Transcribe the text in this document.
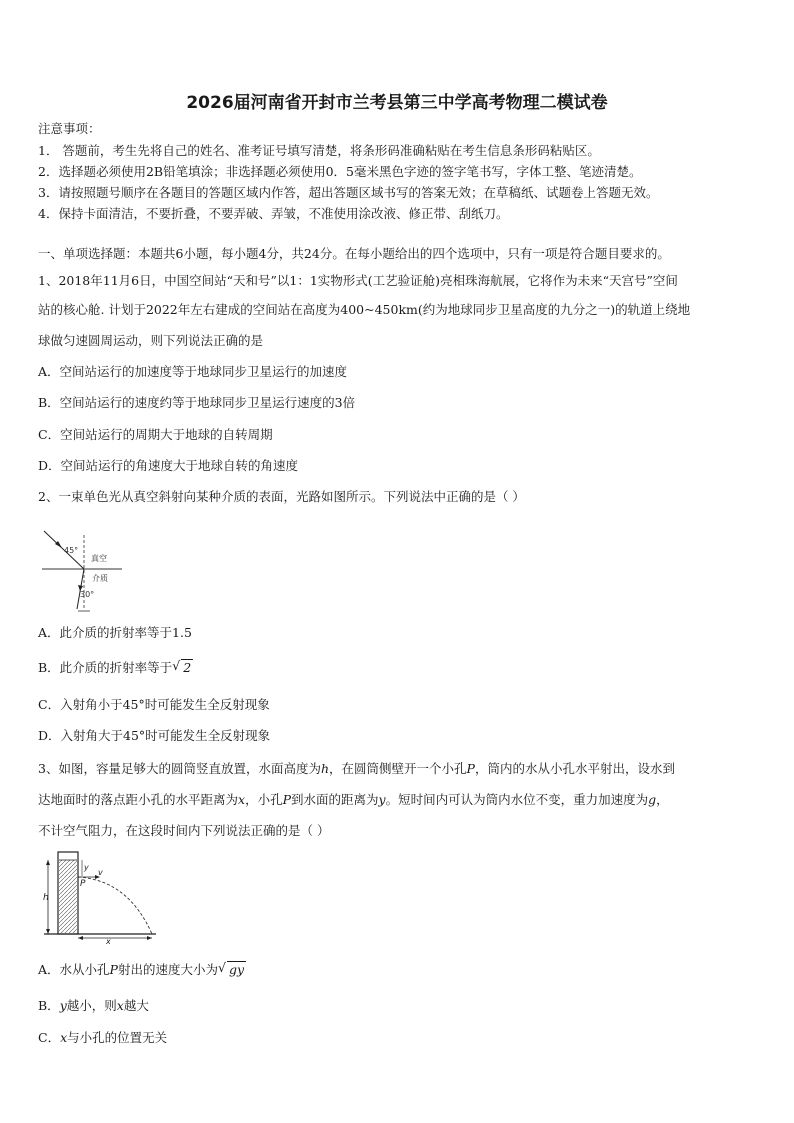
2026届河南省开封市兰考县第三中学高考物理二模试卷
注意事项：
1． 答题前，考生先将自己的姓名、准考证号填写清楚，将条形码准确粘贴在考生信息条形码粘贴区。
2．选择题必须使用2B铅笔填涂；非选择题必须使用0．5毫米黑色字迹的签字笔书写，字体工整、笔迹清楚。
3．请按照题号顺序在各题目的答题区域内作答，超出答题区域书写的答案无效；在草稿纸、试题卷上答题无效。
4．保持卡面清洁，不要折叠，不要弄破、弄皱，不准使用涂改液、修正带、刮纸刀。
一、单项选择题：本题共6小题，每小题4分，共24分。在每小题给出的四个选项中，只有一项是符合题目要求的。
1、2018年11月6日，中国空间站“天和号”以1：1实物形式(工艺验证舱)亮相珠海航展，它将作为未来“天宫号”空间
站的核心舱. 计划于2022年左右建成的空间站在高度为400~450km(约为地球同步卫星高度的九分之一)的轨道上绕地
球做匀速圆周运动，则下列说法正确的是
A．空间站运行的加速度等于地球同步卫星运行的加速度
B．空间站运行的速度约等于地球同步卫星运行速度的3倍
C．空间站运行的周期大于地球的自转周期
D．空间站运行的角速度大于地球自转的角速度
2、一束单色光从真空斜射向某种介质的表面，光路如图所示。下列说法中正确的是（ ）
45°
真空
介质
30°
A．此介质的折射率等于1.5
B．此介质的折射率等于 √ 2
C．入射角小于45°时可能发生全反射现象
D．入射角大于45°时可能发生全反射现象
3、如图，容量足够大的圆筒竖直放置，水面高度为h，在圆筒侧壁开一个小孔P，筒内的水从小孔水平射出，设水到
达地面时的落点距小孔的水平距离为x，小孔P到水面的距离为y。短时间内可认为筒内水位不变，重力加速度为g，
不计空气阻力，在这段时间内下列说法正确的是（ ）
h
y
P
v
x
A．水从小孔P射出的速度大小为 √ gy
B．y越小，则x越大
C．x与小孔的位置无关
